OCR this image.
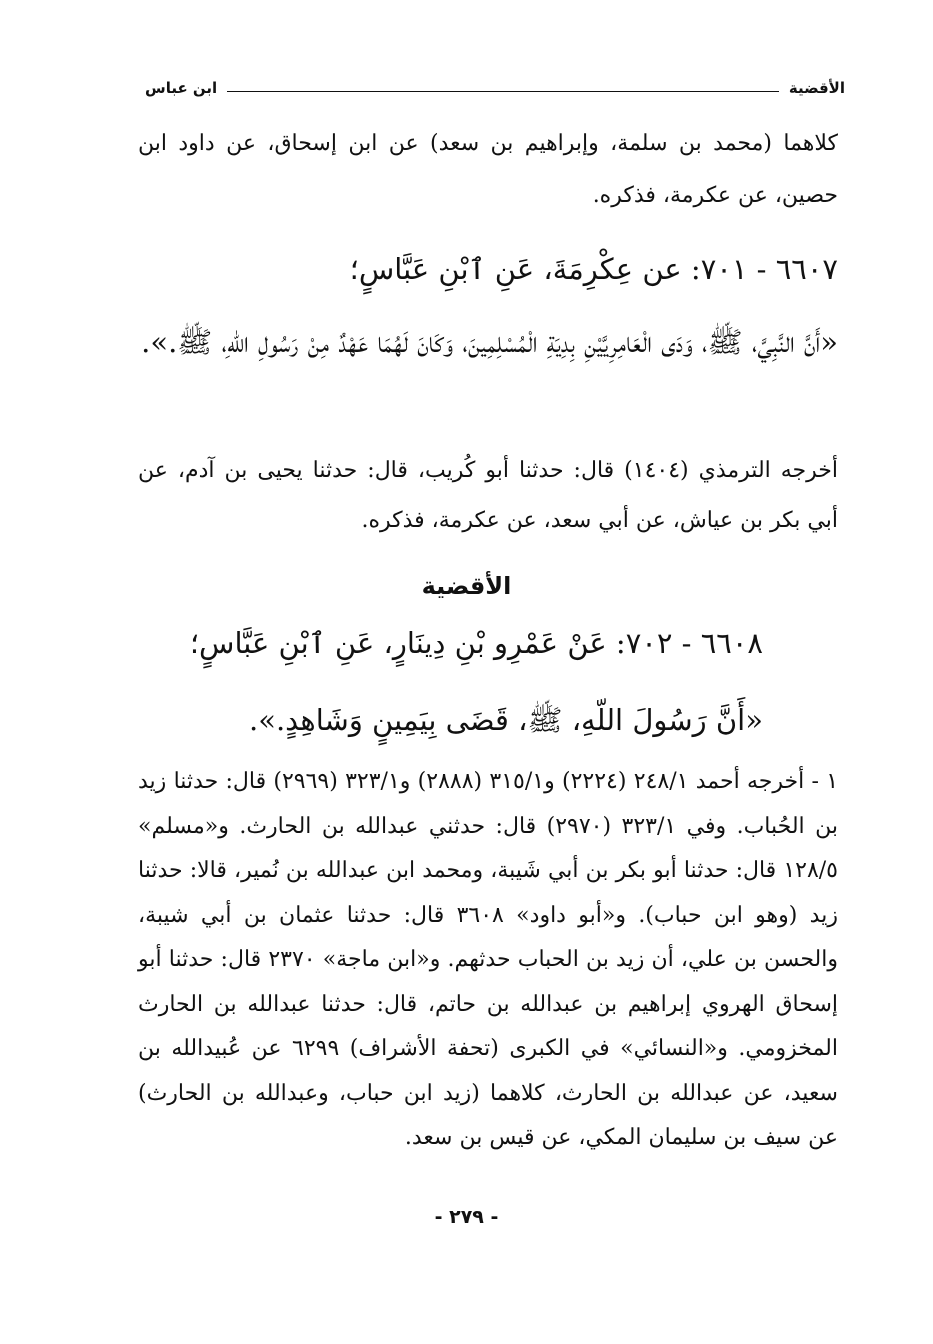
الأقضية
ابن عباس

كلاهما (محمد بن سلمة، وإبراهيم بن سعد) عن ابن إسحاق، عن داود ابن حصين، عن عكرمة، فذكره.

٦٦٠٧ - ٧٠١: عن عِكْرِمَةَ، عَنِ ٱبْنِ عَبَّاسٍ؛

«أَنَّ النَّبِيَّ، ﷺ، وَدَى الْعَامِرِيَّيْنِ بِدِيَةِ الْمُسْلِمِينَ، وَكَانَ لَهُمَا عَهْدٌ مِنْ رَسُولِ اللّهِ، ﷺ.».

أخرجه الترمذي (١٤٠٤) قال: حدثنا أبو كُريب، قال: حدثنا يحيى بن آدم، عن أبي بكر بن عياش، عن أبي سعد، عن عكرمة، فذكره.

الأقضية

٦٦٠٨ - ٧٠٢: عَنْ عَمْرِو بْنِ دِينَارٍ، عَنِ ٱبْنِ عَبَّاسٍ؛

«أَنَّ رَسُولَ اللّهِ، ﷺ، قَضَى بِيَمِينٍ وَشَاهِدٍ.».

١ - أخرجه أحمد ٢٤٨/١ (٢٢٢٤) و٣١٥/١ (٢٨٨٨) و٣٢٣/١ (٢٩٦٩) قال: حدثنا زيد بن الحُباب. وفي ٣٢٣/١ (٢٩٧٠) قال: حدثني عبدالله بن الحارث. و«مسلم» ١٢٨/٥ قال: حدثنا أبو بكر بن أبي شَيبة، ومحمد ابن عبدالله بن نُمير، قالا: حدثنا زيد (وهو ابن حباب). و«أبو داود» ٣٦٠٨ قال: حدثنا عثمان بن أبي شيبة، والحسن بن علي، أن زيد بن الحباب حدثهم. و«ابن ماجة» ٢٣٧٠ قال: حدثنا أبو إسحاق الهروي إبراهيم بن عبدالله بن حاتم، قال: حدثنا عبدالله بن الحارث المخزومي. و«النسائي» في الكبرى (تحفة الأشراف) ٦٢٩٩ عن عُبيدالله بن سعيد، عن عبدالله بن الحارث، كلاهما (زيد ابن حباب، وعبدالله بن الحارث) عن سيف بن سليمان المكي، عن قيس بن سعد.

- ٢٧٩ -
